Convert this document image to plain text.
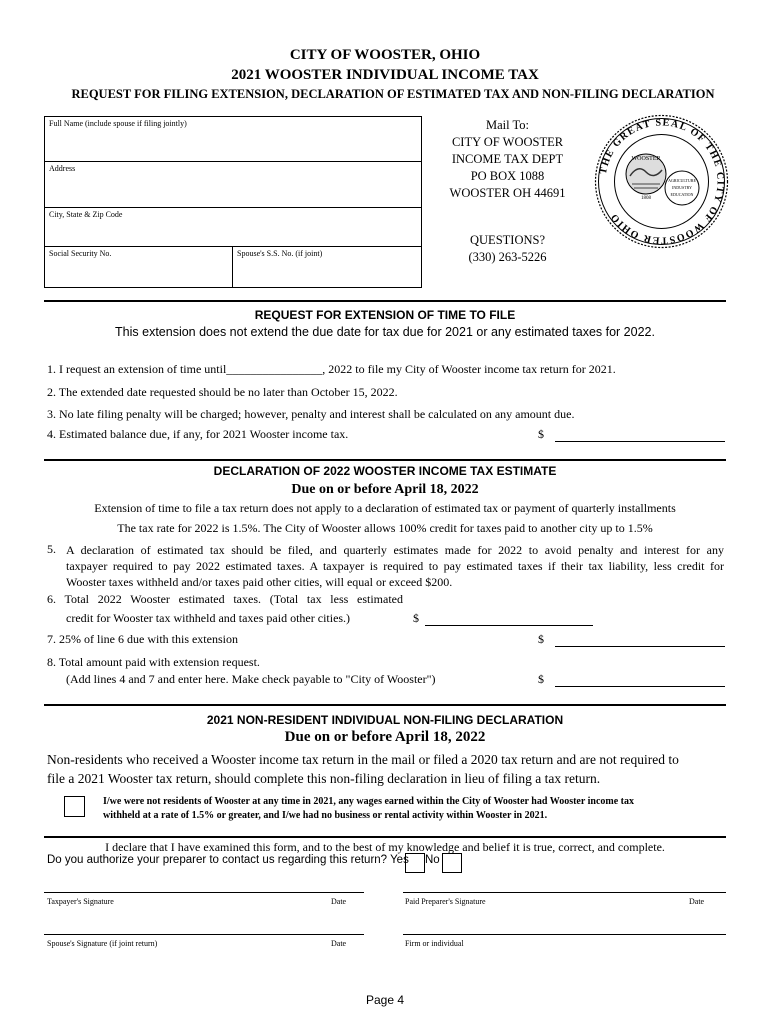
CITY OF WOOSTER, OHIO
2021 WOOSTER INDIVIDUAL INCOME TAX
REQUEST FOR FILING EXTENSION, DECLARATION OF ESTIMATED TAX AND NON-FILING DECLARATION
Full Name (include spouse if filing jointly)
Address
City, State & Zip Code
Social Security No.	Spouse's S.S. No. (if joint)
Mail To:
CITY OF WOOSTER
INCOME TAX DEPT
PO BOX 1088
WOOSTER OH 44691
QUESTIONS?
(330) 263-5226
THE GREAT SEAL OF THE CITY OF WOOSTER OHIO
WOOSTER
1808
AGRICULTURE
INDUSTRY
EDUCATION
REQUEST FOR EXTENSION OF TIME TO FILE
This extension does not extend the due date for tax due for 2021 or any estimated taxes for 2022.
1. I request an extension of time until________________, 2022 to file my City of Wooster income tax return for 2021.
2. The extended date requested should be no later than October 15, 2022.
3. No late filing penalty will be charged; however, penalty and interest shall be calculated on any amount due.
4. Estimated balance due, if any, for 2021 Wooster income tax.	$
DECLARATION OF 2022 WOOSTER INCOME TAX ESTIMATE
Due on or before April 18, 2022
Extension of time to file a tax return does not apply to a declaration of estimated tax or payment of quarterly installments
The tax rate for 2022 is 1.5%. The City of Wooster allows 100% credit for taxes paid to another city up to 1.5%
5. A declaration of estimated tax should be filed, and quarterly estimates made for 2022 to avoid penalty and interest for any
taxpayer required to pay 2022 estimated taxes. A taxpayer is required to pay estimated taxes if their tax liability, less credit for
Wooster taxes withheld and/or taxes paid other cities, will equal or exceed $200.
6. Total 2022 Wooster estimated taxes. (Total tax less estimated
credit for Wooster tax withheld and taxes paid other cities.)	$
7. 25% of line 6 due with this extension	$
8. Total amount paid with extension request.
(Add lines 4 and 7 and enter here. Make check payable to "City of Wooster")	$
2021 NON-RESIDENT INDIVIDUAL NON-FILING DECLARATION
Due on or before April 18, 2022
Non-residents who received a Wooster income tax return in the mail or filed a 2020 tax return and are not required to
file a 2021 Wooster tax return, should complete this non-filing declaration in lieu of filing a tax return.
I/we were not residents of Wooster at any time in 2021, any wages earned within the City of Wooster had Wooster income tax
withheld at a rate of 1.5% or greater, and I/we had no business or rental activity within Wooster in 2021.
I declare that I have examined this form, and to the best of my knowledge and belief it is true, correct, and complete.
Do you authorize your preparer to contact us regarding this return? Yes No
Taxpayer's Signature	Date	Paid Preparer's Signature	Date
Spouse's Signature (if joint return)	Date	Firm or individual
Page 4
